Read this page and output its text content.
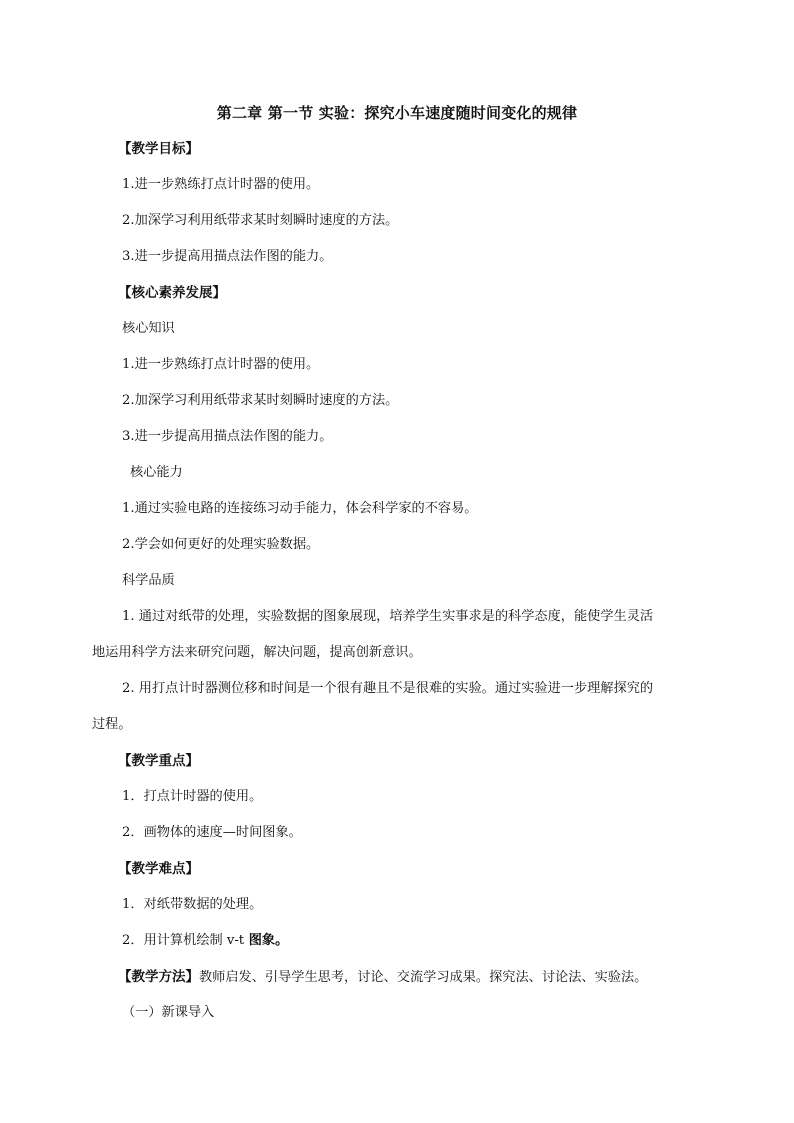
第二章 第一节 实验：探究小车速度随时间变化的规律
【教学目标】
1.进一步熟练打点计时器的使用。
2.加深学习利用纸带求某时刻瞬时速度的方法。
3.进一步提高用描点法作图的能力。
【核心素养发展】
核心知识
1.进一步熟练打点计时器的使用。
2.加深学习利用纸带求某时刻瞬时速度的方法。
3.进一步提高用描点法作图的能力。
核心能力
1.通过实验电路的连接练习动手能力，体会科学家的不容易。
2.学会如何更好的处理实验数据。
科学品质
1. 通过对纸带的处理，实验数据的图象展现，培养学生实事求是的科学态度，能使学生灵活
地运用科学方法来研究问题，解决问题，提高创新意识。
2. 用打点计时器测位移和时间是一个很有趣且不是很难的实验。通过实验进一步理解探究的
过程。
【教学重点】
1．打点计时器的使用。
2．画物体的速度—时间图象。
【教学难点】
1．对纸带数据的处理。
2．用计算机绘制 v-t 图象。
【教学方法】教师启发、引导学生思考，讨论、交流学习成果。探究法、讨论法、实验法。
（一）新课导入
